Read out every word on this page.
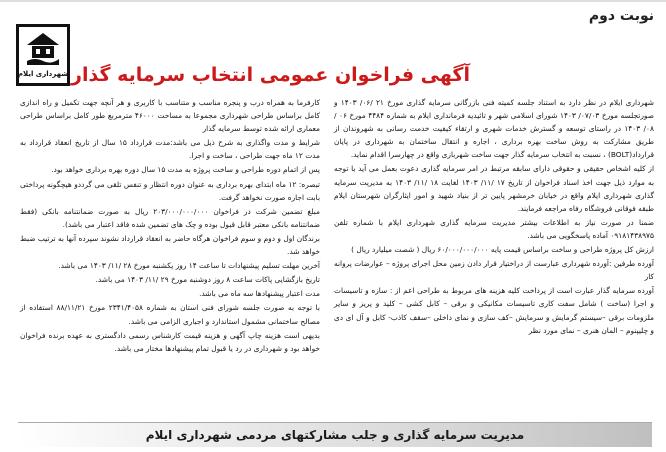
نوبت دوم
شهرداری ایلام آگهی فراخوان عمومی انتخاب سرمایه گذار

شهرداری ایلام در نظر دارد به استناد جلسه کمیته فنی بازرگانی سرمایه گذاری مورخ ۲۱ /۰۶/ ۱۴۰۳ و صورتجلسه مورخ ۰۷/۰۳/ ۱۴۰۳ شورای اسلامی شهر و تائیدیه فرمانداری ایلام به شماره ۴۴۸۴ مورخ ۰۶ /۰۸/ ۱۴۰۳ در راستای توسعه و گسترش خدمات شهری و ارتقاء کیفیت خدمت رسانی به شهروندان از طریق مشارکت به روش ساخت بهره برداری ، اجاره و انتقال ساختمان به شهرداری در پایان قرارداد(BOLT) ، نسبت به انتخاب سرمایه گذار جهت ساخت شهربازی واقع در چهارسرا اقدام نماید.

از کلیه اشخاص حقیقی و حقوقی دارای سابقه مرتبط در امر سرمایه گذاری دعوت بعمل می آید با توجه به موارد ذیل جهت اخذ اسناد فراخوان از تاریخ ۱۷ /۱۱/ ۱۴۰۳ لغایت ۱۸ /۱۱/ ۱۴۰۳ به مدیریت سرمایه گذاری شهرداری ایلام واقع در خیابان خرمشهر پایین تر از بنیاد شهید و امور ایثارگران شهرستان ایلام طبقه فوقانی فروشگاه رفاه مراجعه فرمایند.

ضمنا در صورت نیاز به اطلاعات بیشتر مدیریت سرمایه گذاری شهرداری ایلام با شماره تلفن ۰۹۱۸۱۴۳۸۹۷۵ آماده پاسخگویی می باشد.

ارزش کل پروژه طراحی و ساخت براساس قیمت پایه ۶۰/۰۰۰/۰۰۰/۰۰۰ ریال ( شصت میلیارد ریال )

آورده طرفین :آورده شهرداری عبارست از دراختیار قرار دادن زمین محل اجرای پروژه – عوارضات پروانه کار

آورده سرمایه گذار عبارت است از پرداخت کلیه هزینه های مربوط به طراحی اعم از : سازه و تاسیسات و اجرا (ساخت ) شامل سفت کاری تاسیسات مکانیکی و برقی – کابل کشی – کلید و پریز و سایر ملزومات برقی –سیستم گرمایش و سرمایش –کف سازی و نمای داخلی –سقف کاذب- کابل و آل ای دی و چلیپنوم – المان هنری – نمای مورد نظر

کارفرما به همراه درب و پنجره مناسب و متناسب با کاربری و هر آنچه جهت تکمیل و راه اندازی کامل براساس طراحی شهرداری مجموعا به مساحت ۴۶۰۰۰ مترمربع طور کامل براساس طراحی معماری ارائه شده توسط سرمایه گذار

شرایط و مدت واگذاری به شرح ذیل می باشد:مدت قرارداد ۱۵ سال از تاریخ انعقاد قرارداد به مدت ۱۲ ماه جهت طراحی ، ساخت و اجرا.

پس از اتمام دوره طراحی و ساخت پروژه به مدت ۱۵ سال دوره بهره برداری خواهد بود.

تبصره: ۱۲ ماه ابتدای بهره برداری به عنوان دوره انتظار و تنفس تلقی می گرددو هیچگونه پرداختی بابت اجاره صورت نخواهد گرفت.

مبلغ تضمین شرکت در فراخوان ۲۰۳/۰۰۰/۰۰۰/۰۰۰ ریال به صورت ضمانتنامه بانکی (فقط ضمانتنامه بانکی معتبر قابل قبول بوده و چک های تضمین شده فاقد اعتبار می باشد).

برندگان اول و دوم و سوم فراخوان هرگاه حاضر به انعقاد قرارداد نشوند سپرده آنها به ترتیب ضبط خواهد شد.

آخرین مهلت تسلیم پیشنهادات تا ساعت ۱۴ روز یکشنبه مورخ ۲۸ /۱۱/ ۱۴۰۳ می باشد.

تاریخ بازگشایی پاکات ساعت ۸ روز دوشنبه مورخ ۲۹ /۱۱/ ۱۴۰۳ می باشد.

مدت اعتبار پیشنهادها سه ماه می باشد.

با توجه به صورت جلسه شورای فنی استان به شماره ۲۳۴۱/۴۰۵۸ مورخ ۸۸/۱۱/۲۱ استفاده از مصالح ساختمانی مشمول استاندارد و اجباری الزامی می باشد.

بدیهی است هزینه چاپ آگهی و هزینه قیمت کارشناس رسمی دادگستری به عهده برنده فراخوان خواهد بود و شهرداری در رد یا قبول تمام پیشنهادها مختار می باشد.

مدیریت سرمایه گذاری و جلب مشارکتهای مردمی شهرداری ایلام
